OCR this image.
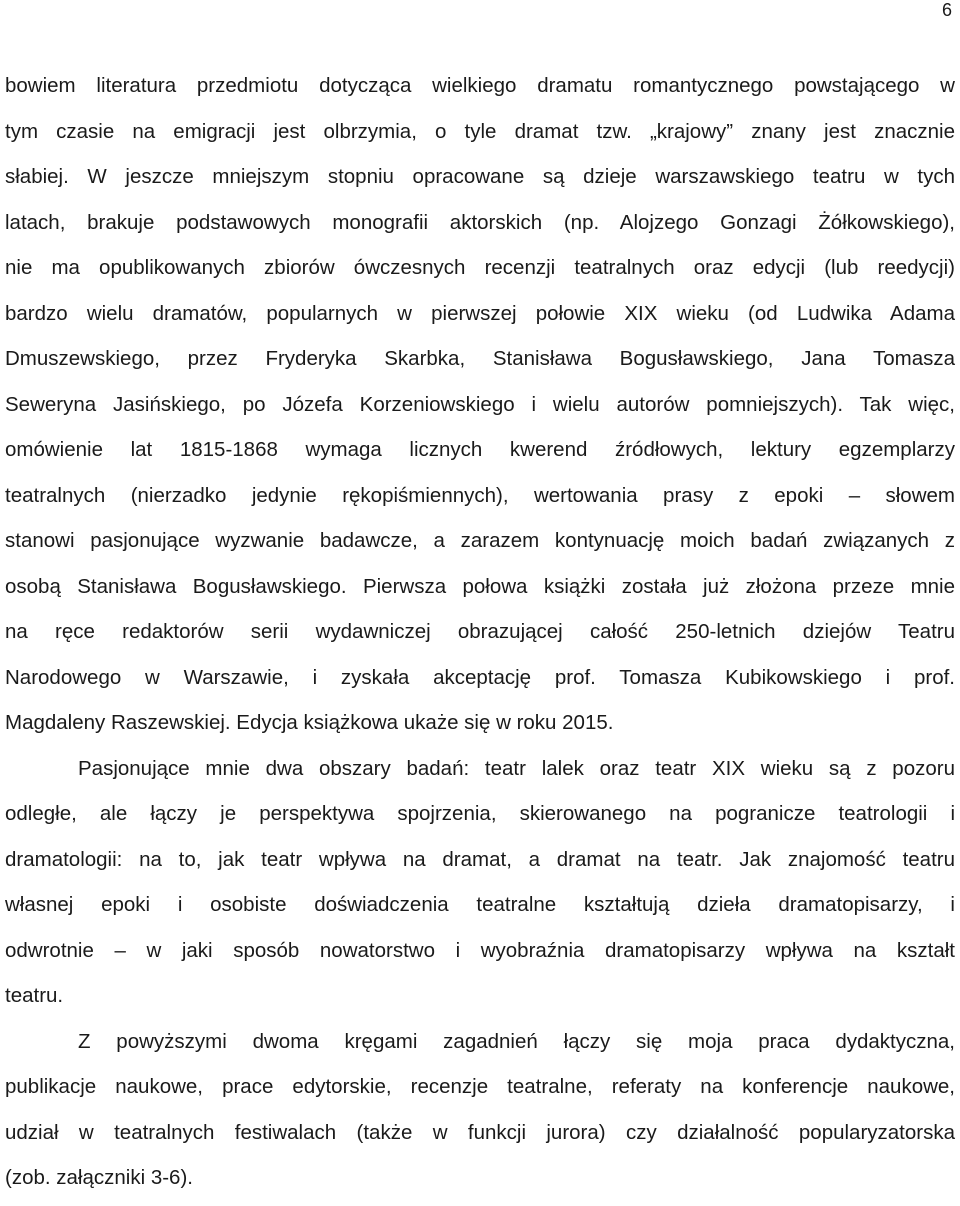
6
bowiem literatura przedmiotu dotycząca wielkiego dramatu romantycznego powstającego w
tym czasie na emigracji jest olbrzymia, o tyle dramat tzw. „krajowy” znany jest znacznie
słabiej. W jeszcze mniejszym stopniu opracowane są dzieje warszawskiego teatru w tych
latach, brakuje podstawowych monografii aktorskich (np. Alojzego Gonzagi Żółkowskiego),
nie ma opublikowanych zbiorów ówczesnych recenzji teatralnych oraz edycji (lub reedycji)
bardzo wielu dramatów, popularnych w pierwszej połowie XIX wieku (od Ludwika Adama
Dmuszewskiego, przez Fryderyka Skarbka, Stanisława Bogusławskiego, Jana Tomasza
Seweryna Jasińskiego, po Józefa Korzeniowskiego i wielu autorów pomniejszych). Tak więc,
omówienie lat 1815-1868 wymaga licznych kwerend źródłowych, lektury egzemplarzy
teatralnych (nierzadko jedynie rękopiśmiennych), wertowania prasy z epoki – słowem
stanowi pasjonujące wyzwanie badawcze, a zarazem kontynuację moich badań związanych z
osobą Stanisława Bogusławskiego. Pierwsza połowa książki została już złożona przeze mnie
na ręce redaktorów serii wydawniczej obrazującej całość 250-letnich dziejów Teatru
Narodowego w Warszawie, i zyskała akceptację prof. Tomasza Kubikowskiego i prof.
Magdaleny Raszewskiej. Edycja książkowa ukaże się w roku 2015.
Pasjonujące mnie dwa obszary badań: teatr lalek oraz teatr XIX wieku są z pozoru
odległe, ale łączy je perspektywa spojrzenia, skierowanego na pogranicze teatrologii i
dramatologii: na to, jak teatr wpływa na dramat, a dramat na teatr. Jak znajomość teatru
własnej epoki i osobiste doświadczenia teatralne kształtują dzieła dramatopisarzy, i
odwrotnie – w jaki sposób nowatorstwo i wyobraźnia dramatopisarzy wpływa na kształt
teatru.
Z powyższymi dwoma kręgami zagadnień łączy się moja praca dydaktyczna,
publikacje naukowe, prace edytorskie, recenzje teatralne, referaty na konferencje naukowe,
udział w teatralnych festiwalach (także w funkcji jurora) czy działalność popularyzatorska
(zob. załączniki 3-6).
